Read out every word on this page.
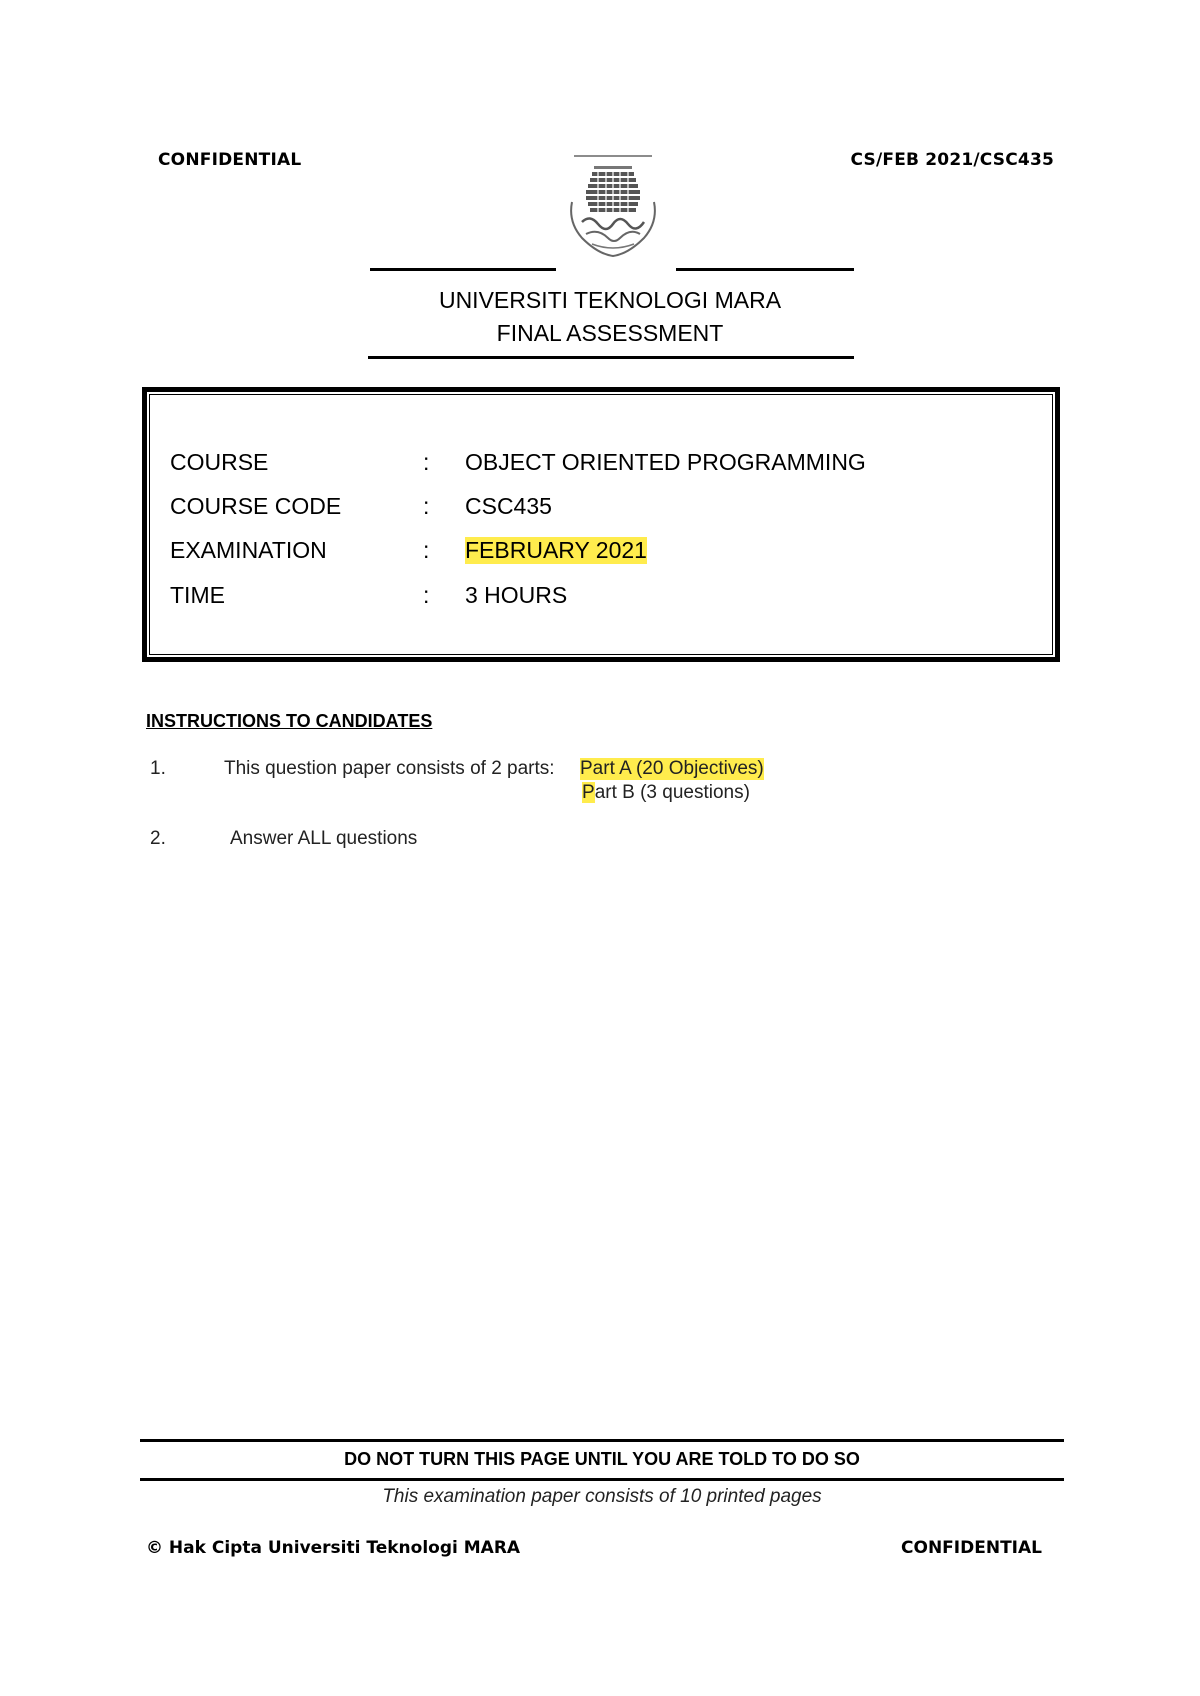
CONFIDENTIAL	CS/FEB 2021/CSC435
UNIVERSITI TEKNOLOGI MARA
FINAL ASSESSMENT
COURSE	: OBJECT ORIENTED PROGRAMMING
COURSE CODE	: CSC435
EXAMINATION	: FEBRUARY 2021
TIME	: 3 HOURS
INSTRUCTIONS TO CANDIDATES
1.	This question paper consists of 2 parts: Part A (20 Objectives)
Part B (3 questions)
2.	Answer ALL questions
DO NOT TURN THIS PAGE UNTIL YOU ARE TOLD TO DO SO
This examination paper consists of 10 printed pages
© Hak Cipta Universiti Teknologi MARA	CONFIDENTIAL
